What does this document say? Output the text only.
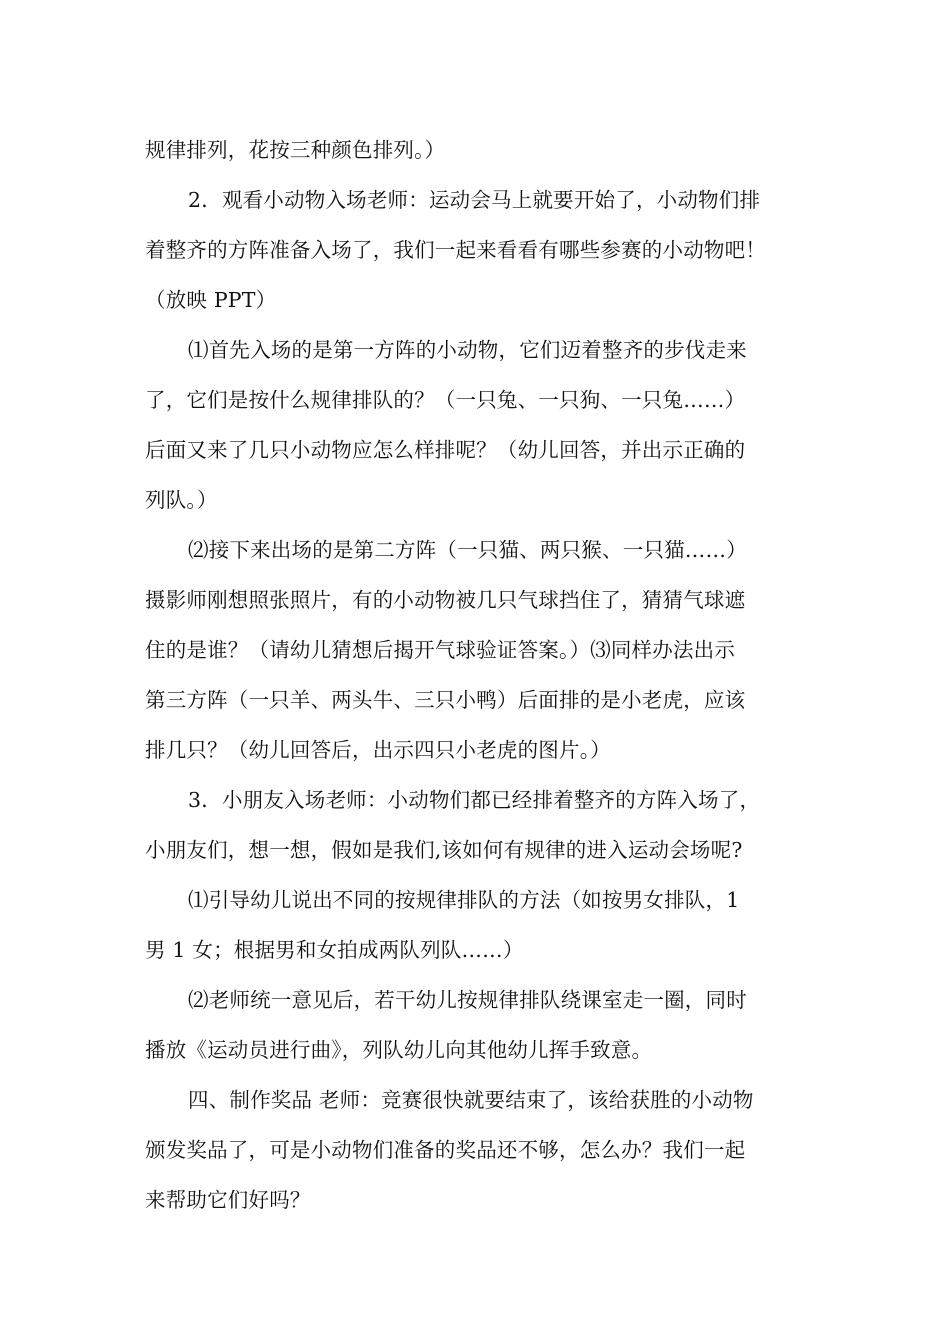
规律排列，花按三种颜色排列。）
2．观看小动物入场老师：运动会马上就要开始了，小动物们排
着整齐的方阵准备入场了，我们一起来看看有哪些参赛的小动物吧！
（放映 PPT）
⑴首先入场的是第一方阵的小动物，它们迈着整齐的步伐走来
了，它们是按什么规律排队的？（一只兔、一只狗、一只兔……）
后面又来了几只小动物应怎么样排呢？（幼儿回答，并出示正确的
列队。）
⑵接下来出场的是第二方阵（一只猫、两只猴、一只猫……）
摄影师刚想照张照片，有的小动物被几只气球挡住了，猜猜气球遮
住的是谁？（请幼儿猜想后揭开气球验证答案。）⑶同样办法出示
第三方阵（一只羊、两头牛、三只小鸭）后面排的是小老虎，应该
排几只？（幼儿回答后，出示四只小老虎的图片。）
3．小朋友入场老师：小动物们都已经排着整齐的方阵入场了，
小朋友们，想一想，假如是我们,该如何有规律的进入运动会场呢?
⑴引导幼儿说出不同的按规律排队的方法（如按男女排队，1
男 1 女；根据男和女拍成两队列队……）
⑵老师统一意见后，若干幼儿按规律排队绕课室走一圈，同时
播放《运动员进行曲》，列队幼儿向其他幼儿挥手致意。
四、制作奖品 老师：竞赛很快就要结束了，该给获胜的小动物
颁发奖品了，可是小动物们准备的奖品还不够，怎么办？我们一起
来帮助它们好吗？
